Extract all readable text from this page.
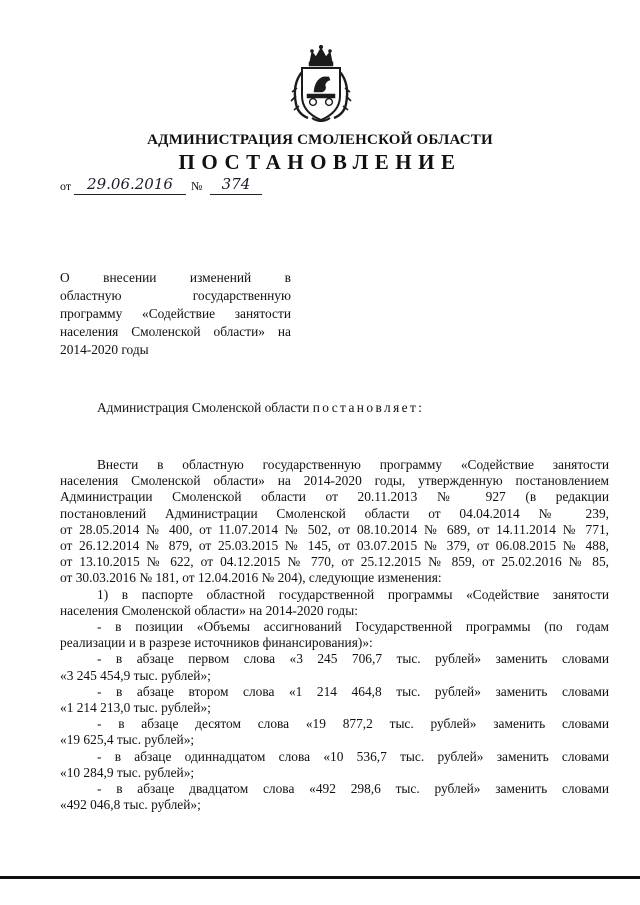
АДМИНИСТРАЦИЯ СМОЛЕНСКОЙ ОБЛАСТИ
ПОСТАНОВЛЕНИЕ
от	29.06.2016	№	374
О внесении изменений в
областную государственную
программу «Содействие занятости
населения Смоленской области» на
2014-2020 годы
Администрация Смоленской области постановляет:
Внести в областную государственную программу «Содействие занятости
населения Смоленской области» на 2014-2020 годы, утвержденную постановлением
Администрации Смоленской области от 20.11.2013 № 927 (в редакции
постановлений Администрации Смоленской области от 04.04.2014 № 239,
от 28.05.2014 № 400, от 11.07.2014 № 502, от 08.10.2014 № 689, от 14.11.2014 № 771,
от 26.12.2014 № 879, от 25.03.2015 № 145, от 03.07.2015 № 379, от 06.08.2015 № 488,
от 13.10.2015 № 622, от 04.12.2015 № 770, от 25.12.2015 № 859, от 25.02.2016 № 85,
от 30.03.2016 № 181, от 12.04.2016 № 204), следующие изменения:
1) в паспорте областной государственной программы «Содействие занятости
населения Смоленской области» на 2014-2020 годы:
- в позиции «Объемы ассигнований Государственной программы (по годам
реализации и в разрезе источников финансирования)»:
- в абзаце первом слова «3 245 706,7 тыс. рублей» заменить словами
«3 245 454,9 тыс. рублей»;
- в абзаце втором слова «1 214 464,8 тыс. рублей» заменить словами
«1 214 213,0 тыс. рублей»;
- в абзаце десятом слова «19 877,2 тыс. рублей» заменить словами
«19 625,4 тыс. рублей»;
- в абзаце одиннадцатом слова «10 536,7 тыс. рублей» заменить словами
«10 284,9 тыс. рублей»;
- в абзаце двадцатом слова «492 298,6 тыс. рублей» заменить словами
«492 046,8 тыс. рублей»;
